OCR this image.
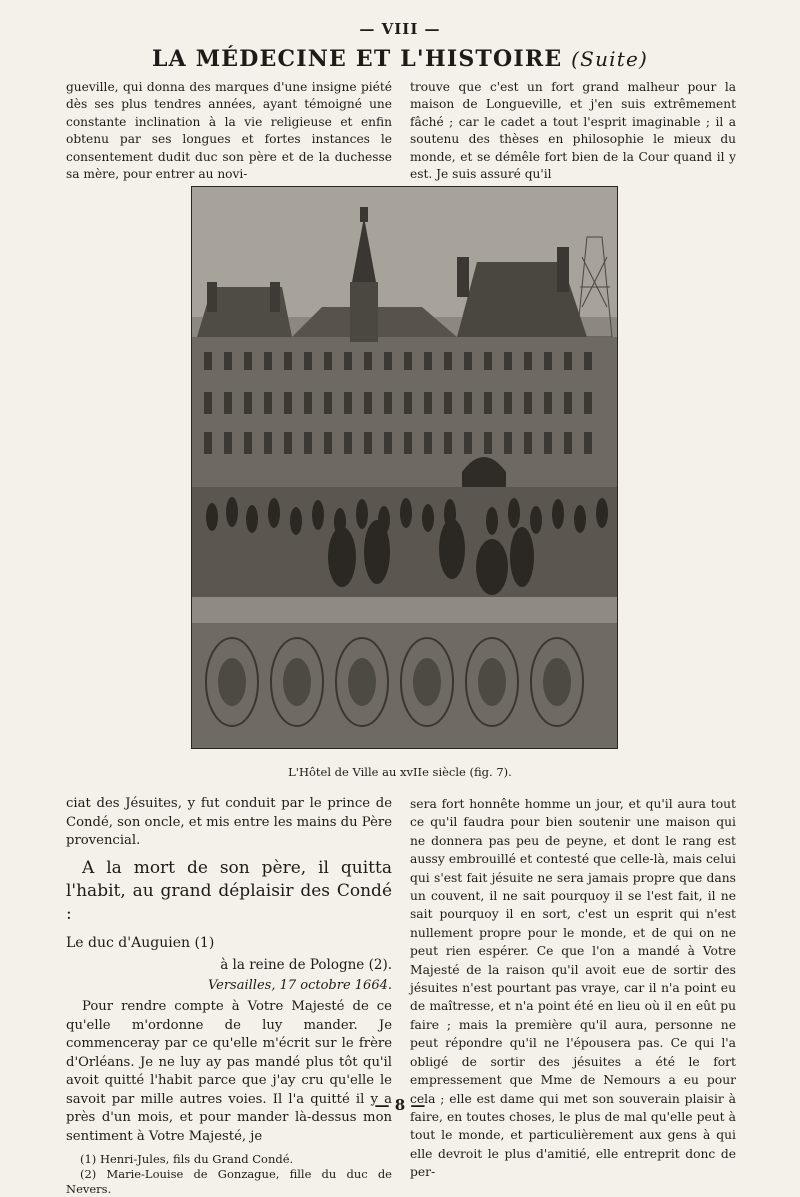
— VIII —
LA MÉDECINE ET L'HISTOIRE (Suite)

gueville, qui donna des marques d'une insigne piété dès ses plus tendres années, ayant témoigné une constante inclination à la vie religieuse et enfin obtenu par ses longues et fortes instances le consentement dudit duc son père et de la duchesse sa mère, pour entrer au novi-

trouve que c'est un fort grand malheur pour la maison de Longueville, et j'en suis extrêmement fâché ; car le cadet a tout l'esprit imaginable ; il a soutenu des thèses en philosophie le mieux du monde, et se démêle fort bien de la Cour quand il y est. Je suis assuré qu'il

L'Hôtel de Ville au xvIIe siècle (fig. 7).

ciat des Jésuites, y fut conduit par le prince de Condé, son oncle, et mis entre les mains du Père provencial.

A la mort de son père, il quitta l'habit, au grand déplaisir des Condé :

Le duc d'Auguien (1)

à la reine de Pologne (2).

Versailles, 17 octobre 1664.

Pour rendre compte à Votre Majesté de ce qu'elle m'ordonne de luy mander. Je commenceray par ce qu'elle m'écrit sur le frère d'Orléans. Je ne luy ay pas mandé plus tôt qu'il avoit quitté l'habit parce que j'ay cru qu'elle le savoit par mille autres voies. Il l'a quitté il y a près d'un mois, et pour mander là-dessus mon sentiment à Votre Majesté, je

(1) Henri-Jules, fils du Grand Condé.
(2) Marie-Louise de Gonzague, fille du duc de Nevers.

sera fort honnête homme un jour, et qu'il aura tout ce qu'il faudra pour bien soutenir une maison qui ne donnera pas peu de peyne, et dont le rang est aussy embrouillé et contesté que celle-là, mais celui qui s'est fait jésuite ne sera jamais propre que dans un couvent, il ne sait pourquoy il se l'est fait, il ne sait pourquoy il en sort, c'est un esprit qui n'est nullement propre pour le monde, et de qui on ne peut rien espérer. Ce que l'on a mandé à Votre Majesté de la raison qu'il avoit eue de sortir des jésuites n'est pourtant pas vraye, car il n'a point eu de maîtresse, et n'a point été en lieu où il en eût pu faire ; mais la première qu'il aura, personne ne peut répondre qu'il ne l'épousera pas. Ce qui l'a obligé de sortir des jésuites a été le fort empressement que Mme de Nemours a eu pour cela ; elle est dame qui met son souverain plaisir à faire, en toutes choses, le plus de mal qu'elle peut à tout le monde, et particulièrement aux gens à qui elle devroit le plus d'amitié, elle entreprit donc de per-

— 8 —
